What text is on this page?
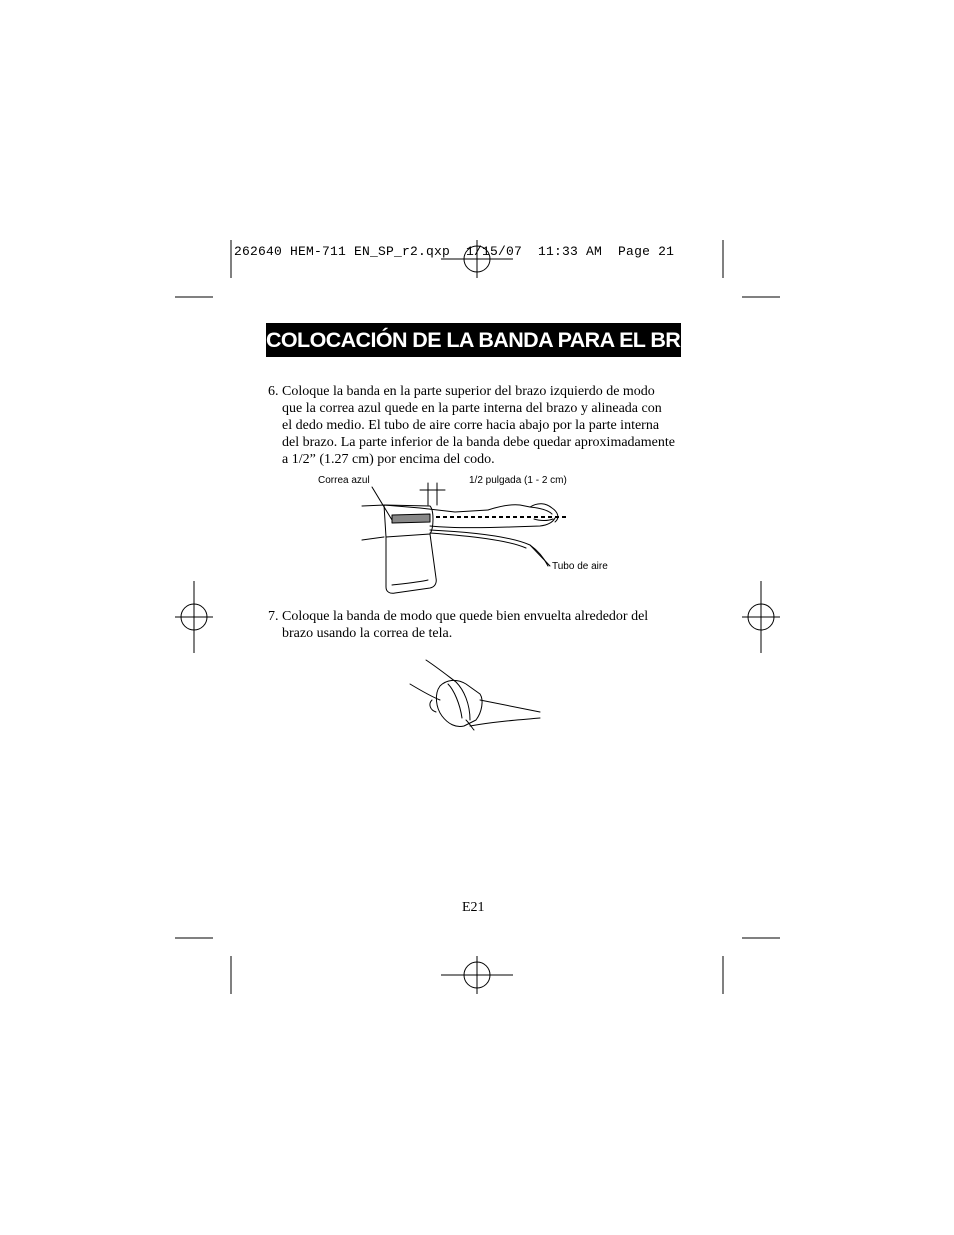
262640 HEM-711 EN_SP_r2.qxp  1/15/07  11:33 AM  Page 21
COLOCACIÓN DE LA BANDA PARA EL BRAZO
6. Coloque la banda en la parte superior del brazo izquierdo de modo
que la correa azul quede en la parte interna del brazo y alineada con
el dedo medio. El tubo de aire corre hacia abajo por la parte interna
del brazo. La parte inferior de la banda debe quedar aproximadamente
a 1/2” (1.27 cm) por encima del codo.
Correa azul	1/2 pulgada (1 - 2 cm)
Tubo de aire
7. Coloque la banda de modo que quede bien envuelta alrededor del
brazo usando la correa de tela.
E21
